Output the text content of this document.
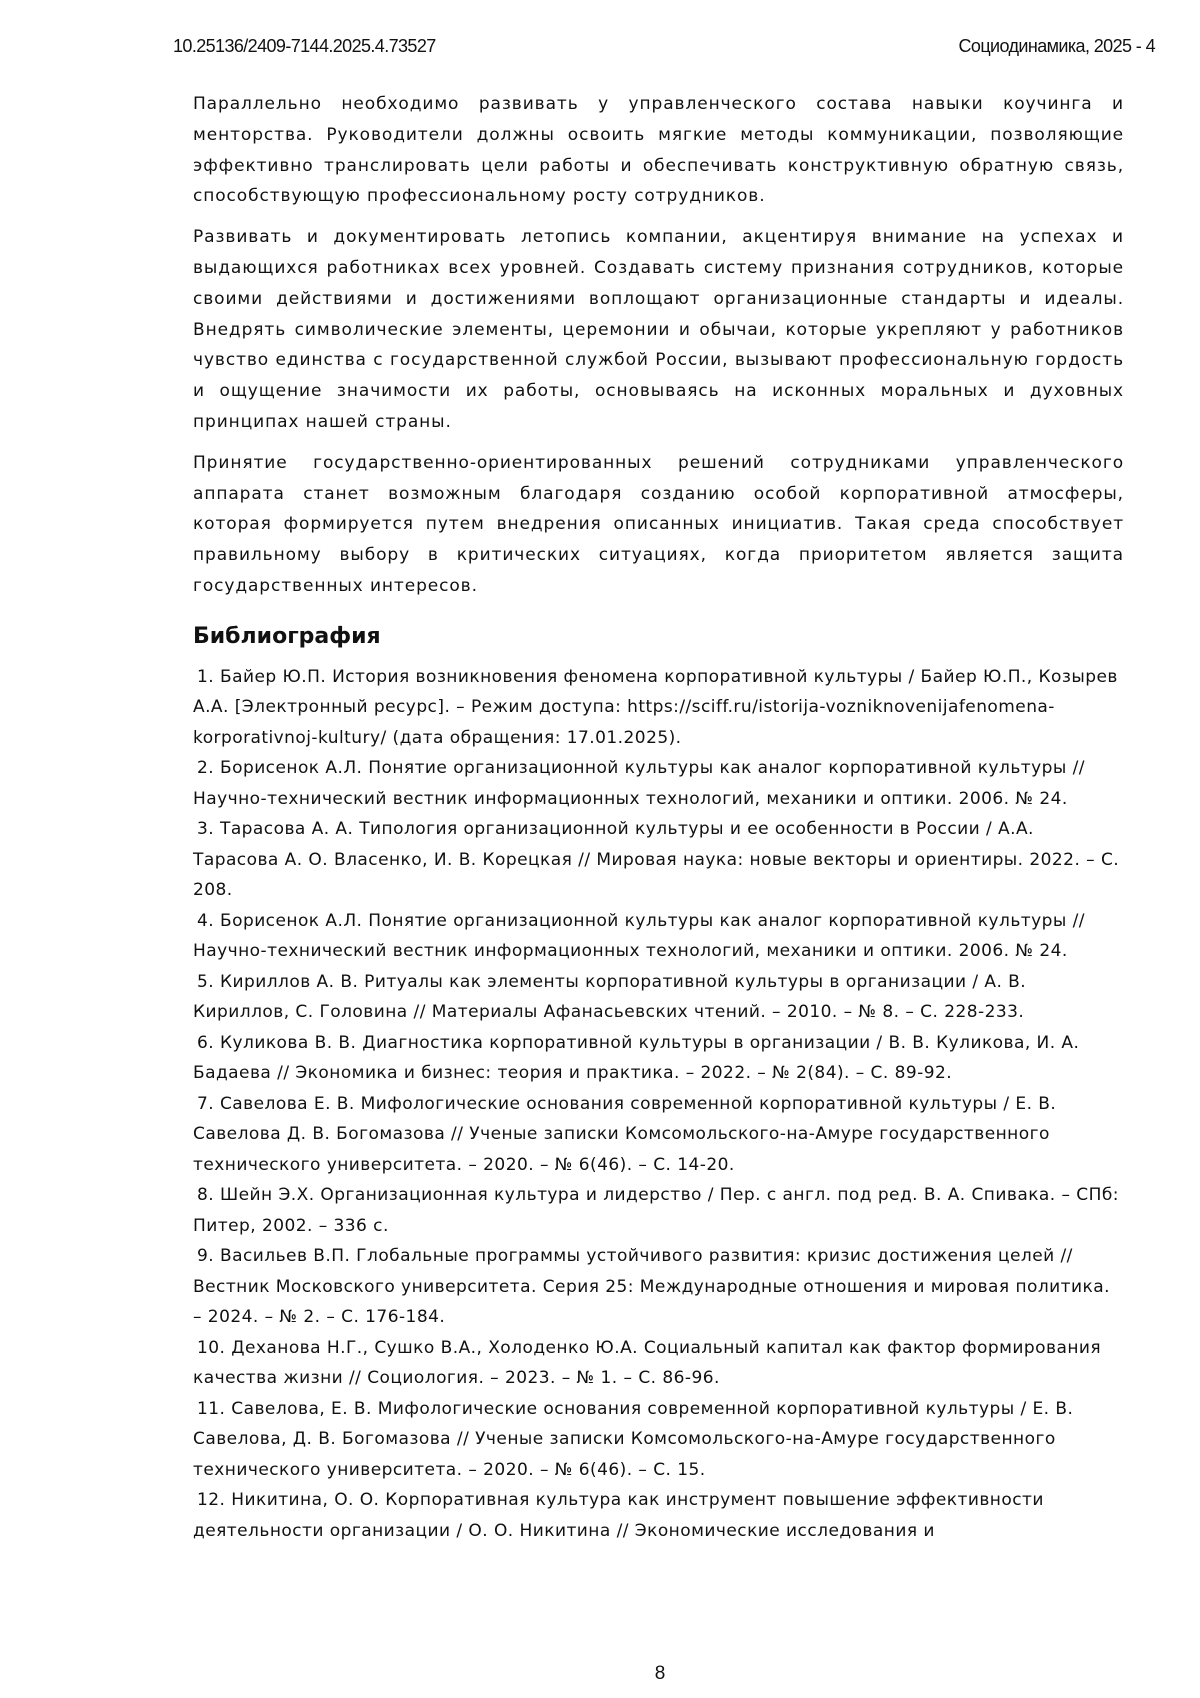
10.25136/2409-7144.2025.4.73527	Социодинамика, 2025 - 4

Параллельно необходимо развивать у управленческого состава навыки коучинга и менторства. Руководители должны освоить мягкие методы коммуникации, позволяющие эффективно транслировать цели работы и обеспечивать конструктивную обратную связь, способствующую профессиональному росту сотрудников.

Развивать и документировать летопись компании, акцентируя внимание на успехах и выдающихся работниках всех уровней. Создавать систему признания сотрудников, которые своими действиями и достижениями воплощают организационные стандарты и идеалы. Внедрять символические элементы, церемонии и обычаи, которые укрепляют у работников чувство единства с государственной службой России, вызывают профессиональную гордость и ощущение значимости их работы, основываясь на исконных моральных и духовных принципах нашей страны.

Принятие государственно-ориентированных решений сотрудниками управленческого аппарата станет возможным благодаря созданию особой корпоративной атмосферы, которая формируется путем внедрения описанных инициатив. Такая среда способствует правильному выбору в критических ситуациях, когда приоритетом является защита государственных интересов.

Библиография
1. Байер Ю.П. История возникновения феномена корпоративной культуры / Байер Ю.П., Козырев А.А. [Электронный ресурс]. – Режим доступа: https://sciff.ru/istorija-vozniknovenijafenomena-korporativnoj-kultury/ (дата обращения: 17.01.2025).
2. Борисенок А.Л. Понятие организационной культуры как аналог корпоративной культуры // Научно-технический вестник информационных технологий, механики и оптики. 2006. № 24.
3. Тарасова А. А. Типология организационной культуры и ее особенности в России / А.А. Тарасова А. О. Власенко, И. В. Корецкая // Мировая наука: новые векторы и ориентиры. 2022. – С. 208.
4. Борисенок А.Л. Понятие организационной культуры как аналог корпоративной культуры // Научно-технический вестник информационных технологий, механики и оптики. 2006. № 24.
5. Кириллов А. В. Ритуалы как элементы корпоративной культуры в организации / А. В. Кириллов, С. Головина // Материалы Афанасьевских чтений. – 2010. – № 8. – С. 228-233.
6. Куликова В. В. Диагностика корпоративной культуры в организации / В. В. Куликова, И. А. Бадаева // Экономика и бизнес: теория и практика. – 2022. – № 2(84). – С. 89-92.
7. Савелова Е. В. Мифологические основания современной корпоративной культуры / Е. В. Савелова Д. В. Богомазова // Ученые записки Комсомольского-на-Амуре государственного технического университета. – 2020. – № 6(46). – С. 14-20.
8. Шейн Э.Х. Организационная культура и лидерство / Пер. с англ. под ред. В. А. Спивака. – СПб: Питер, 2002. – 336 с.
9. Васильев В.П. Глобальные программы устойчивого развития: кризис достижения целей // Вестник Московского университета. Серия 25: Международные отношения и мировая политика. – 2024. – № 2. – С. 176-184.
10. Деханова Н.Г., Сушко В.А., Холоденко Ю.А. Социальный капитал как фактор формирования качества жизни // Социология. – 2023. – № 1. – С. 86-96.
11. Савелова, Е. В. Мифологические основания современной корпоративной культуры / Е. В. Савелова, Д. В. Богомазова // Ученые записки Комсомольского-на-Амуре государственного технического университета. – 2020. – № 6(46). – С. 15.
12. Никитина, О. О. Корпоративная культура как инструмент повышение эффективности деятельности организации / О. О. Никитина // Экономические исследования и
8
